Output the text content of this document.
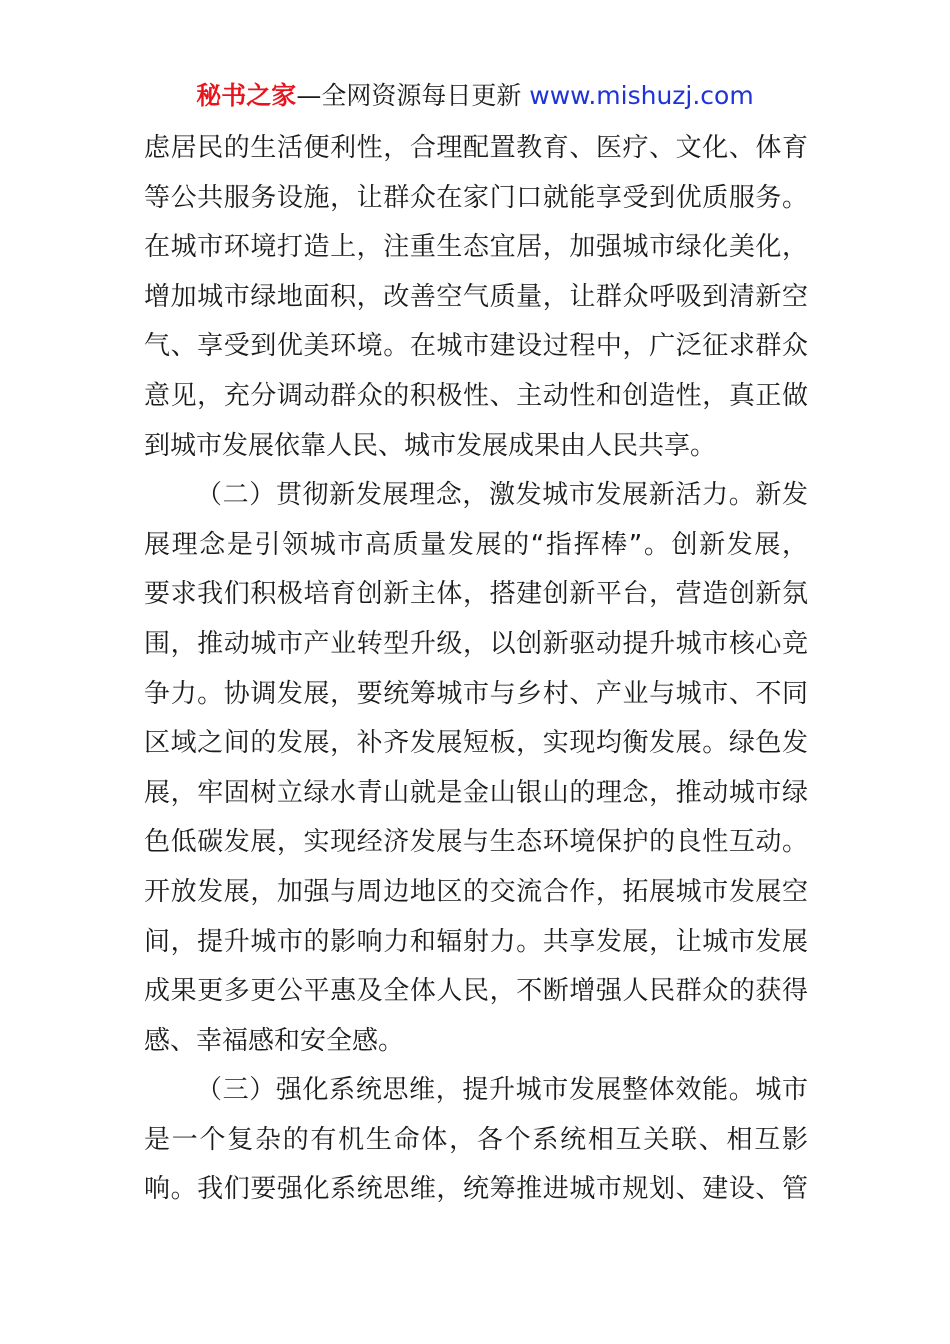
秘书之家—全网资源每日更新 www.mishuzj.com
虑居民的生活便利性，合理配置教育、医疗、文化、体育
等公共服务设施，让群众在家门口就能享受到优质服务。
在城市环境打造上，注重生态宜居，加强城市绿化美化，
增加城市绿地面积，改善空气质量，让群众呼吸到清新空
气、享受到优美环境。在城市建设过程中，广泛征求群众
意见，充分调动群众的积极性、主动性和创造性，真正做
到城市发展依靠人民、城市发展成果由人民共享。
（二）贯彻新发展理念，激发城市发展新活力。新发
展理念是引领城市高质量发展的“指挥棒”。创新发展，
要求我们积极培育创新主体，搭建创新平台，营造创新氛
围，推动城市产业转型升级，以创新驱动提升城市核心竞
争力。协调发展，要统筹城市与乡村、产业与城市、不同
区域之间的发展，补齐发展短板，实现均衡发展。绿色发
展，牢固树立绿水青山就是金山银山的理念，推动城市绿
色低碳发展，实现经济发展与生态环境保护的良性互动。
开放发展，加强与周边地区的交流合作，拓展城市发展空
间，提升城市的影响力和辐射力。共享发展，让城市发展
成果更多更公平惠及全体人民，不断增强人民群众的获得
感、幸福感和安全感。
（三）强化系统思维，提升城市发展整体效能。城市
是一个复杂的有机生命体，各个系统相互关联、相互影
响。我们要强化系统思维，统筹推进城市规划、建设、管
